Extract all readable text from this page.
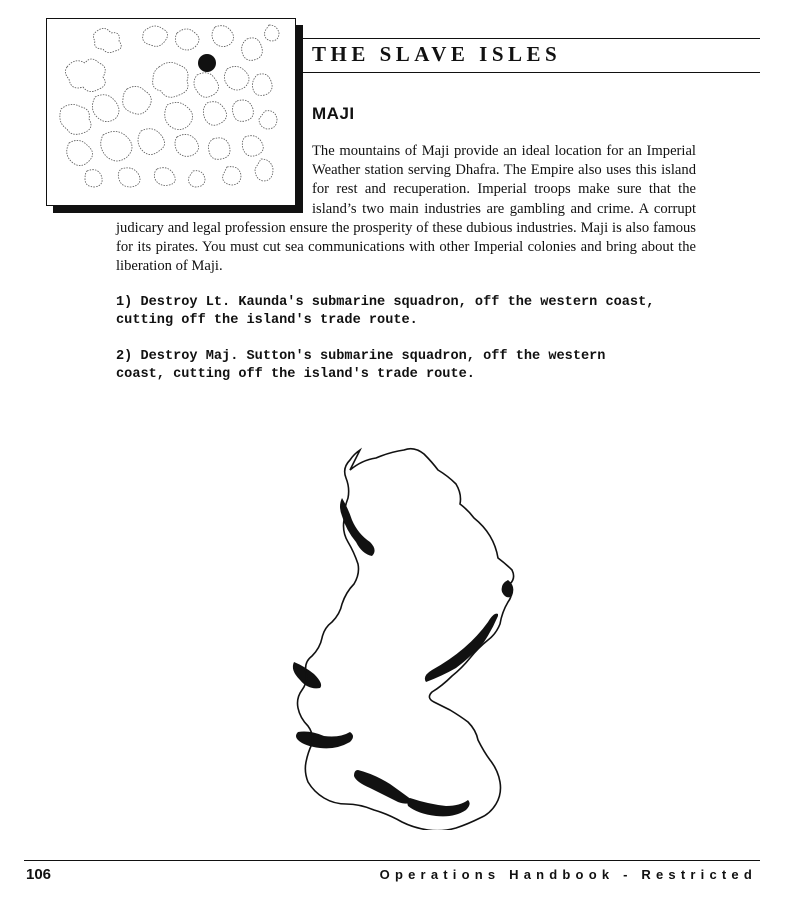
THE SLAVE ISLES
MAJI

The mountains of Maji provide an ideal location for an Imperial Weather station serving Dhafra. The Empire also uses this island for rest and recuperation. Imperial troops make sure that the island’s two main industries are gambling and crime. A corrupt judicary and legal profession ensure the prosperity of these dubious industries. Maji is also famous for its pirates. You must cut sea communications with other Imperial colonies and bring about the liberation of Maji.

1) Destroy Lt. Kaunda's submarine squadron, off the western coast,
cutting off the island's trade route.

2) Destroy Maj. Sutton's submarine squadron, off the western
coast, cutting off the island's trade route.

106	Operations Handbook - Restricted
